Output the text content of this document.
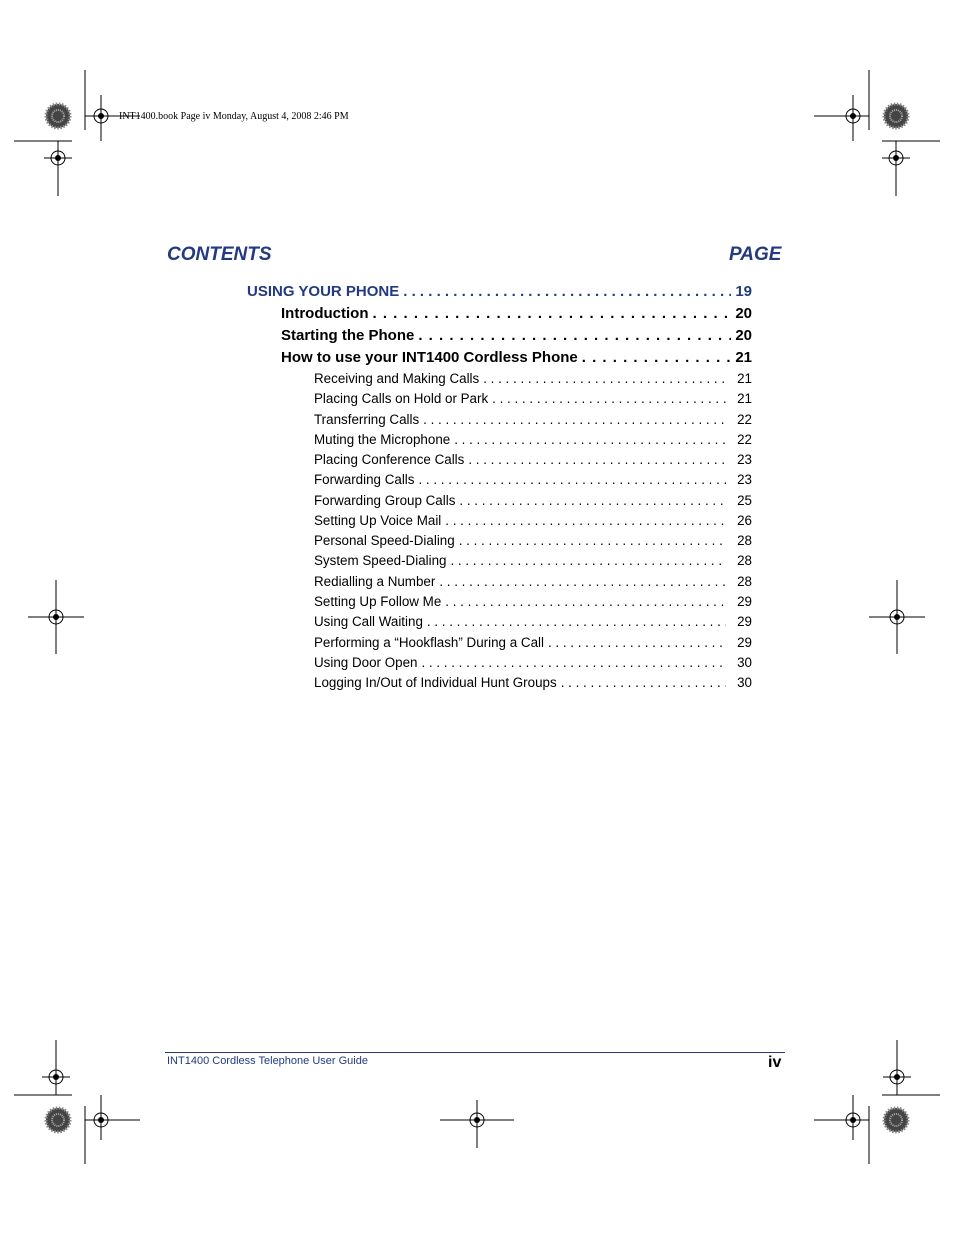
INT1400.book Page iv Monday, August 4, 2008 2:46 PM
CONTENTS	PAGE
USING YOUR PHONE . . .	19
Introduction . . .	20
Starting the Phone . . .	20
How to use your INT1400 Cordless Phone . . .	21
Receiving and Making Calls . . .	21
Placing Calls on Hold or Park . . .	21
Transferring Calls . . .	22
Muting the Microphone . . .	22
Placing Conference Calls . . .	23
Forwarding Calls . . .	23
Forwarding Group Calls . . .	25
Setting Up Voice Mail . . .	26
Personal Speed-Dialing . . .	28
System Speed-Dialing . . .	28
Redialling a Number . . .	28
Setting Up Follow Me . . .	29
Using Call Waiting . . .	29
Performing a “Hookflash” During a Call . . .	29
Using Door Open . . .	30
Logging In/Out of Individual Hunt Groups . . .	30
INT1400 Cordless Telephone User Guide	iv
